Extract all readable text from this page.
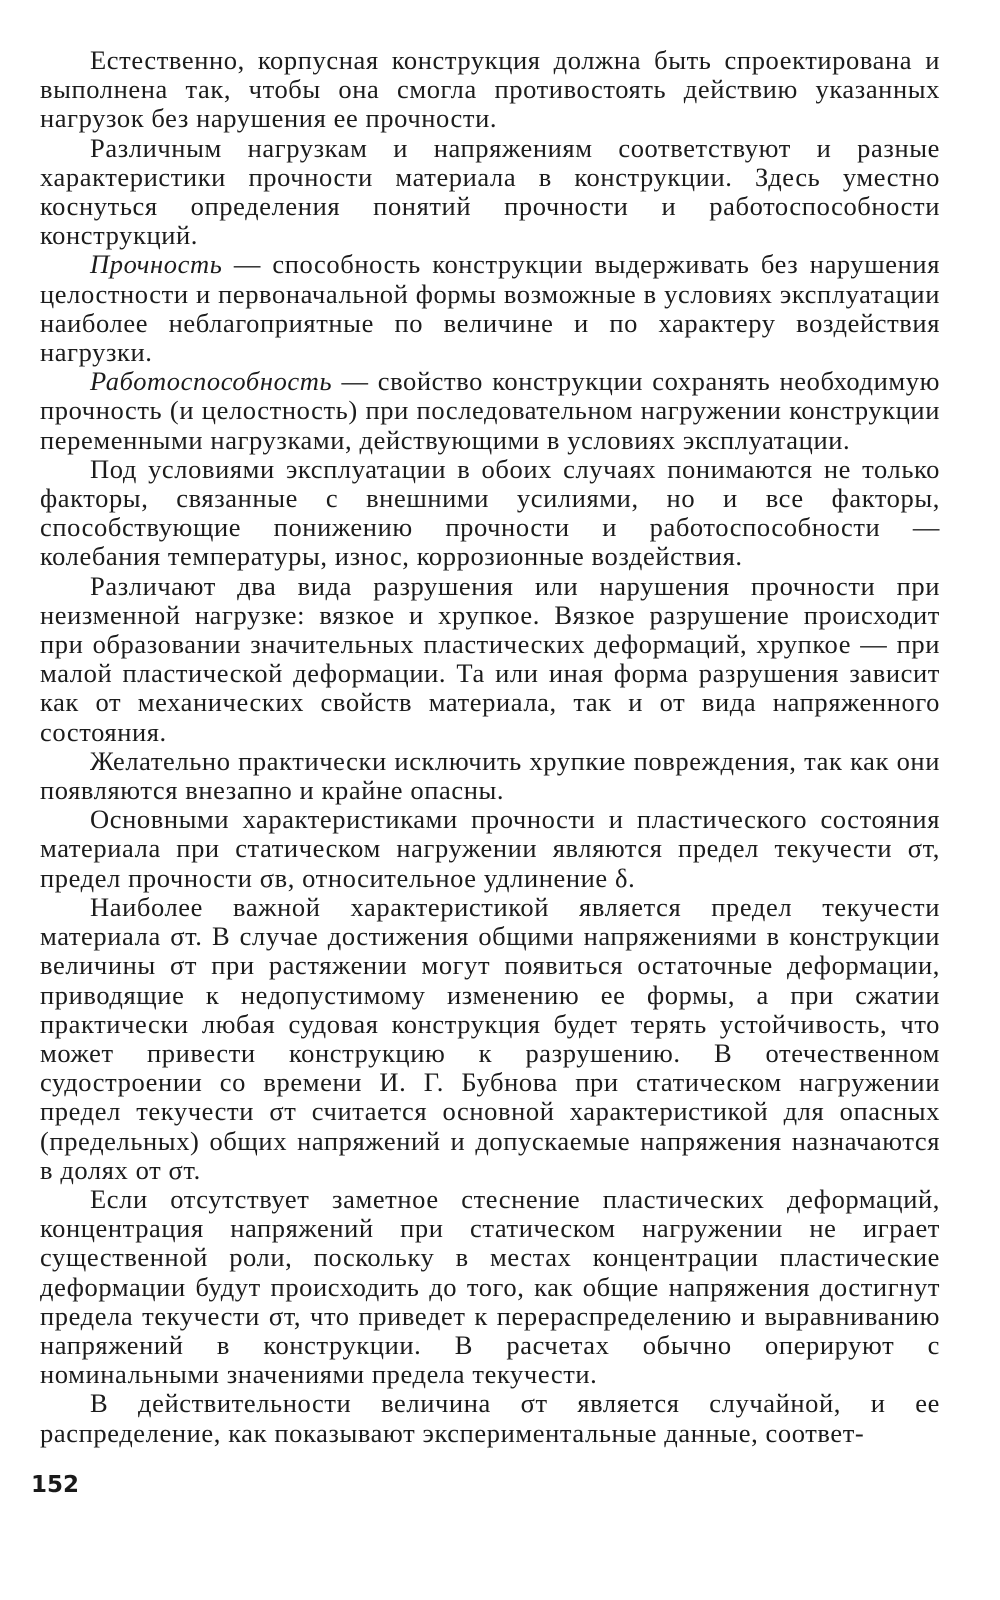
Естественно, корпусная конструкция должна быть спроектирована и выполнена так, чтобы она смогла противостоять действию указанных нагрузок без нарушения ее прочности.

Различным нагрузкам и напряжениям соответствуют и разные характеристики прочности материала в конструкции. Здесь уместно коснуться определения понятий прочности и работоспособности конструкций.

Прочность — способность конструкции выдерживать без нарушения целостности и первоначальной формы возможные в условиях эксплуатации наиболее неблагоприятные по величине и по характеру воздействия нагрузки.

Работоспособность — свойство конструкции сохранять необходимую прочность (и целостность) при последовательном нагружении конструкции переменными нагрузками, действующими в условиях эксплуатации.

Под условиями эксплуатации в обоих случаях понимаются не только факторы, связанные с внешними усилиями, но и все факторы, способствующие понижению прочности и работоспособности — колебания температуры, износ, коррозионные воздействия.

Различают два вида разрушения или нарушения прочности при неизменной нагрузке: вязкое и хрупкое. Вязкое разрушение происходит при образовании значительных пластических деформаций, хрупкое — при малой пластической деформации. Та или иная форма разрушения зависит как от механических свойств материала, так и от вида напряженного состояния.

Желательно практически исключить хрупкие повреждения, так как они появляются внезапно и крайне опасны.

Основными характеристиками прочности и пластического состояния материала при статическом нагружении являются предел текучести σт, предел прочности σв, относительное удлинение δ.

Наиболее важной характеристикой является предел текучести материала σт. В случае достижения общими напряжениями в конструкции величины σт при растяжении могут появиться остаточные деформации, приводящие к недопустимому изменению ее формы, а при сжатии практически любая судовая конструкция будет терять устойчивость, что может привести конструкцию к разрушению. В отечественном судостроении со времени И. Г. Бубнова при статическом нагружении предел текучести σт считается основной характеристикой для опасных (предельных) общих напряжений и допускаемые напряжения назначаются в долях от σт.

Если отсутствует заметное стеснение пластических деформаций, концентрация напряжений при статическом нагружении не играет существенной роли, поскольку в местах концентрации пластические деформации будут происходить до того, как общие напряжения достигнут предела текучести σт, что приведет к перераспределению и выравниванию напряжений в конструкции. В расчетах обычно оперируют с номинальными значениями предела текучести.

В действительности величина σт является случайной, и ее распределение, как показывают экспериментальные данные, соответ-

152
